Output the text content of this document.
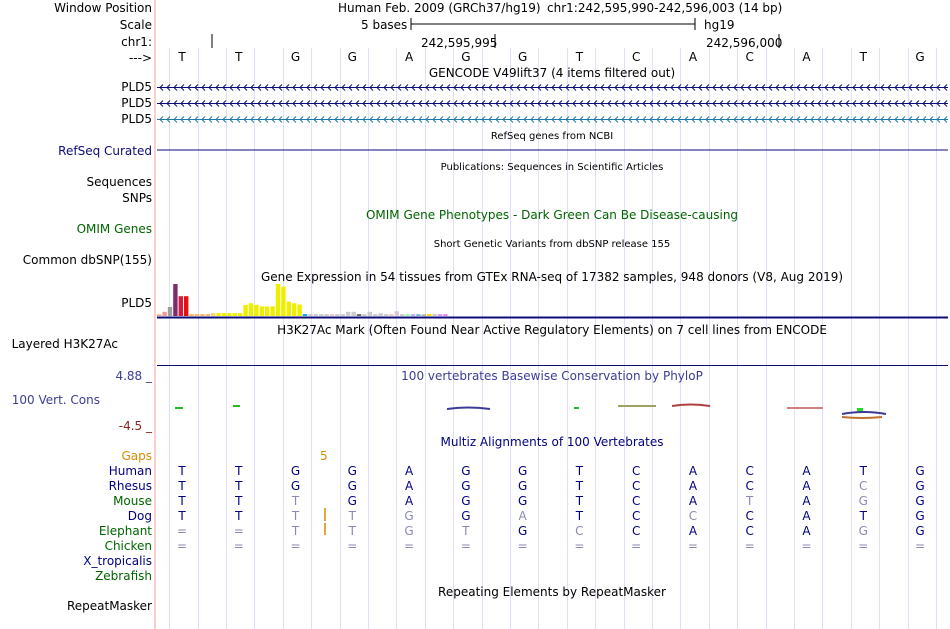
Window Position
Scale
chr1:
--->
Human Feb. 2009 (GRCh37/hg19) chr1:242,595,990-242,596,003 (14 bp)
5 bases	hg19
242,595,995	242,596,000
T	T	G	G	A	G	G	T	C	A	C	A	T	G
GENCODE V49lift37 (4 items filtered out)
PLD5
PLD5
PLD5
RefSeq genes from NCBI
RefSeq Curated
Publications: Sequences in Scientific Articles
Sequences
SNPs
OMIM Gene Phenotypes - Dark Green Can Be Disease-causing
OMIM Genes
Short Genetic Variants from dbSNP release 155
Common dbSNP(155)
Gene Expression in 54 tissues from GTEx RNA-seq of 17382 samples, 948 donors (V8, Aug 2019)
PLD5
H3K27Ac Mark (Often Found Near Active Regulatory Elements) on 7 cell lines from ENCODE
Layered H3K27Ac
100 vertebrates Basewise Conservation by PhyloP
4.88 _
100 Vert. Cons
-4.5 _
Multiz Alignments of 100 Vertebrates
Gaps	5
Human	T	T	G	G	A	G	G	T	C	A	C	A	T	G
Rhesus	T	T	G	G	A	G	G	T	C	A	C	A	C	G
Mouse	T	T	T	G	A	G	G	T	C	A	T	A	G	G
Dog	T	T	T	T	G	G	A	T	C	C	C	A	T	G
Elephant	=	=	T	T	G	T	G	C	C	A	C	A	G	G
Chicken	=	=	=	=	=	=	=	=	=	=	=	=	=	=
X_tropicalis
Zebrafish
Repeating Elements by RepeatMasker
RepeatMasker
